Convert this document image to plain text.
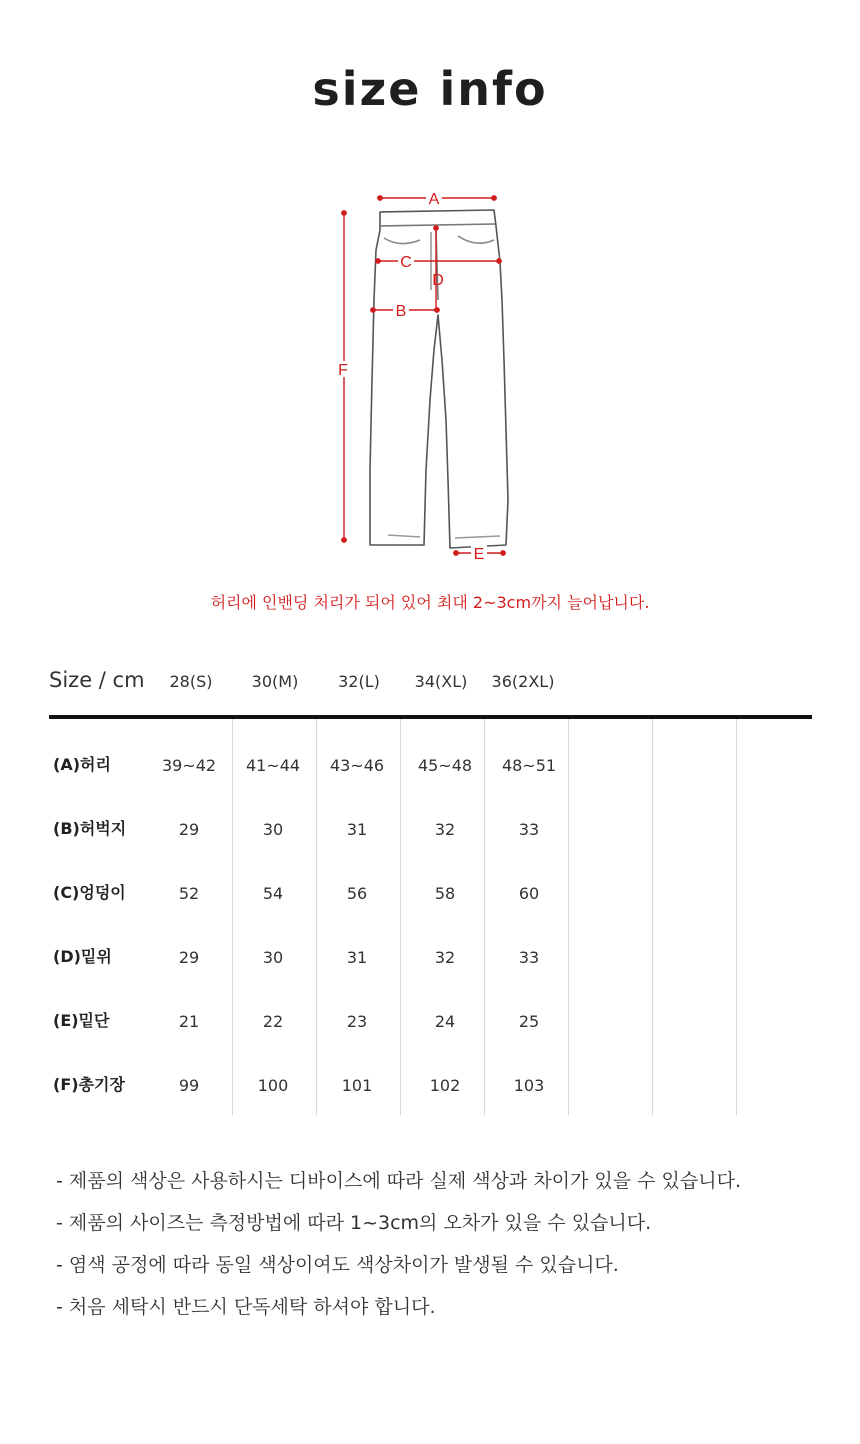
size info
A
C
D
B
F
E
허리에 인밴딩 처리가 되어 있어 최대 2~3cm까지 늘어납니다.
Size / cm	28(S)	30(M)	32(L)	34(XL)	36(2XL)
(A)허리	39~42	41~44	43~46	45~48	48~51
(B)허벅지	29	30	31	32	33
(C)엉덩이	52	54	56	58	60
(D)밑위	29	30	31	32	33
(E)밑단	21	22	23	24	25
(F)총기장	99	100	101	102	103
- 제품의 색상은 사용하시는 디바이스에 따라 실제 색상과 차이가 있을 수 있습니다.
- 제품의 사이즈는 측정방법에 따라 1~3cm의 오차가 있을 수 있습니다.
- 염색 공정에 따라 동일 색상이여도 색상차이가 발생될 수 있습니다.
- 처음 세탁시 반드시 단독세탁 하셔야 합니다.
